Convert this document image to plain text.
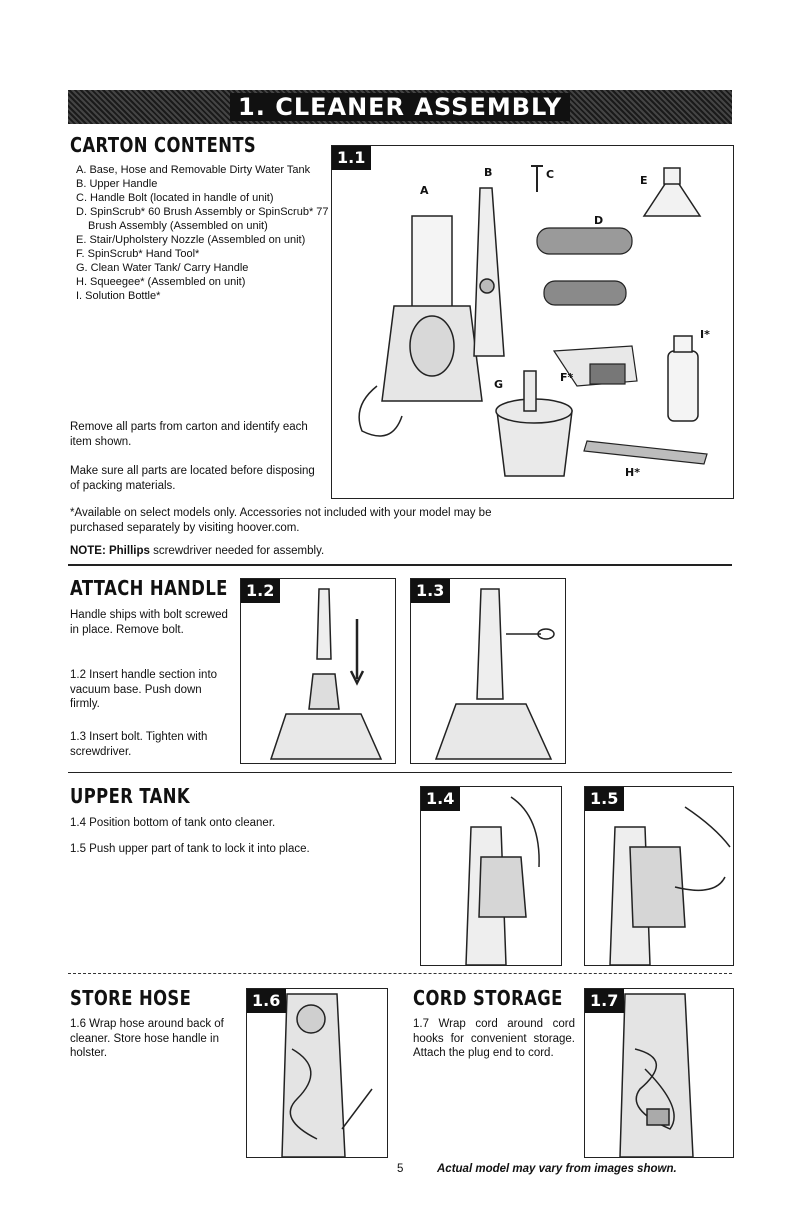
1. CLEANER ASSEMBLY
CARTON CONTENTS
A. Base, Hose and Removable Dirty Water Tank
B. Upper Handle
C. Handle Bolt (located in handle of unit)
D. SpinScrub* 60 Brush Assembly or SpinScrub* 77 Brush Assembly (Assembled on unit)
E. Stair/Upholstery Nozzle (Assembled on unit)
F. SpinScrub* Hand Tool*
G. Clean Water Tank/ Carry Handle
H. Squeegee* (Assembled on unit)
I. Solution Bottle*
Remove all parts from carton and identify each item shown.
Make sure all parts are located before disposing of packing materials.
*Available on select models only. Accessories not included with your model may be purchased separately by visiting hoover.com.
NOTE: Phillips screwdriver needed for assembly.
1.1
A
B	C
D
E
F*
G
H*
I*
ATTACH HANDLE
Handle ships with bolt screwed in place. Remove bolt.
1.2 Insert handle section into vacuum base. Push down firmly.
1.3 Insert bolt. Tighten with screwdriver.
1.2	1.3
UPPER TANK
1.4 Position bottom of tank onto cleaner.
1.5 Push upper part of tank to lock it into place.
1.4	1.5
STORE HOSE
1.6 Wrap hose around back of cleaner. Store hose handle in holster.
1.6	CORD STORAGE
1.7 Wrap cord around cord hooks for convenient storage. Attach the plug end to cord.
1.7
5	Actual model may vary from images shown.
